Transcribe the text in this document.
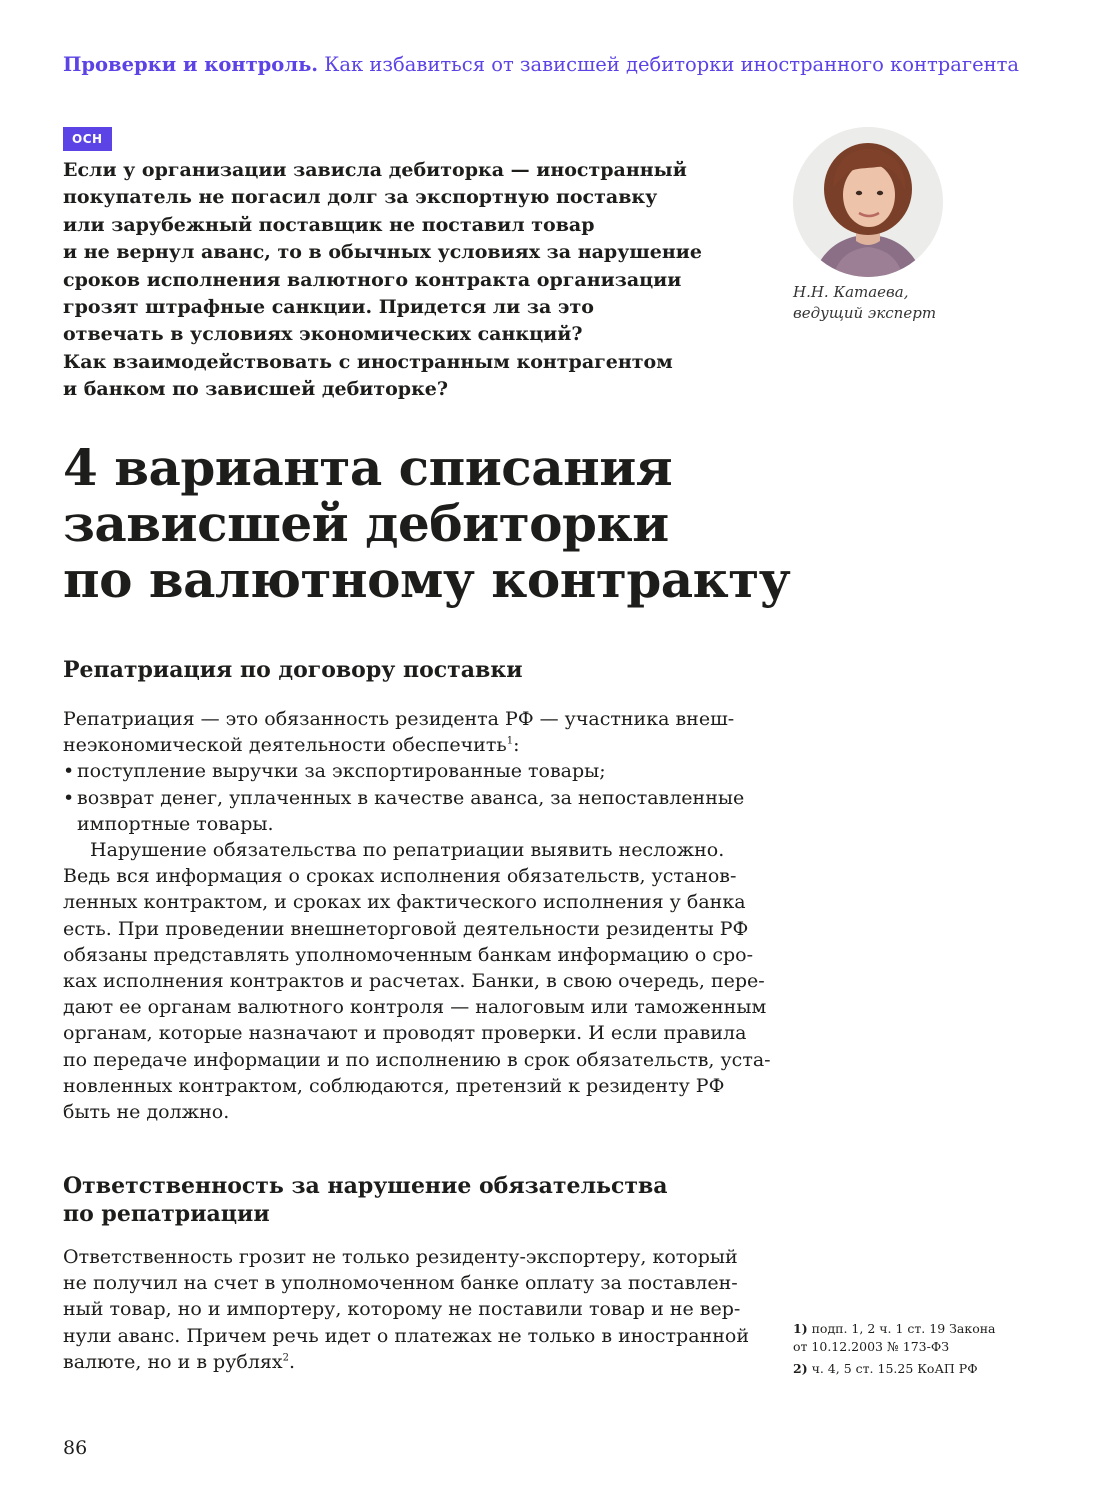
Проверки и контроль. Как избавиться от зависшей дебиторки иностранного контрагента
ОСН
Если у организации зависла дебиторка — иностранный
покупатель не погасил долг за экспортную поставку
или зарубежный поставщик не поставил товар
и не вернул аванс, то в обычных условиях за нарушение
сроков исполнения валютного контракта организации
грозят штрафные санкции. Придется ли за это
отвечать в условиях экономических санкций?
Как взаимодействовать с иностранным контрагентом
и банком по зависшей дебиторке?
Н.Н. Катаева,
ведущий эксперт
4 варианта списания
зависшей дебиторки
по валютному контракту
Репатриация по договору поставки
Репатриация — это обязанность резидента РФ — участника внеш-
неэкономической деятельности обеспечить$^1$:
• поступление выручки за экспортированные товары;
• возврат денег, уплаченных в качестве аванса, за непоставленные
импортные товары.
Нарушение обязательства по репатриации выявить несложно.
Ведь вся информация о сроках исполнения обязательств, установ-
ленных контрактом, и сроках их фактического исполнения у банка
есть. При проведении внешнеторговой деятельности резиденты РФ
обязаны представлять уполномоченным банкам информацию о сро-
ках исполнения контрактов и расчетах. Банки, в свою очередь, пере-
дают ее органам валютного контроля — налоговым или таможенным
органам, которые назначают и проводят проверки. И если правила
по передаче информации и по исполнению в срок обязательств, уста-
новленных контрактом, соблюдаются, претензий к резиденту РФ
быть не должно.
Ответственность за нарушение обязательства
по репатриации
Ответственность грозит не только резиденту-экспортеру, который
не получил на счет в уполномоченном банке оплату за поставлен-
ный товар, но и импортеру, которому не поставили товар и не вер-
нули аванс. Причем речь идет о платежах не только в иностранной
валюте, но и в рублях$^2$.
1) подп. 1, 2 ч. 1 ст. 19 Закона
от 10.12.2003 № 173-ФЗ
2) ч. 4, 5 ст. 15.25 КоАП РФ
86
